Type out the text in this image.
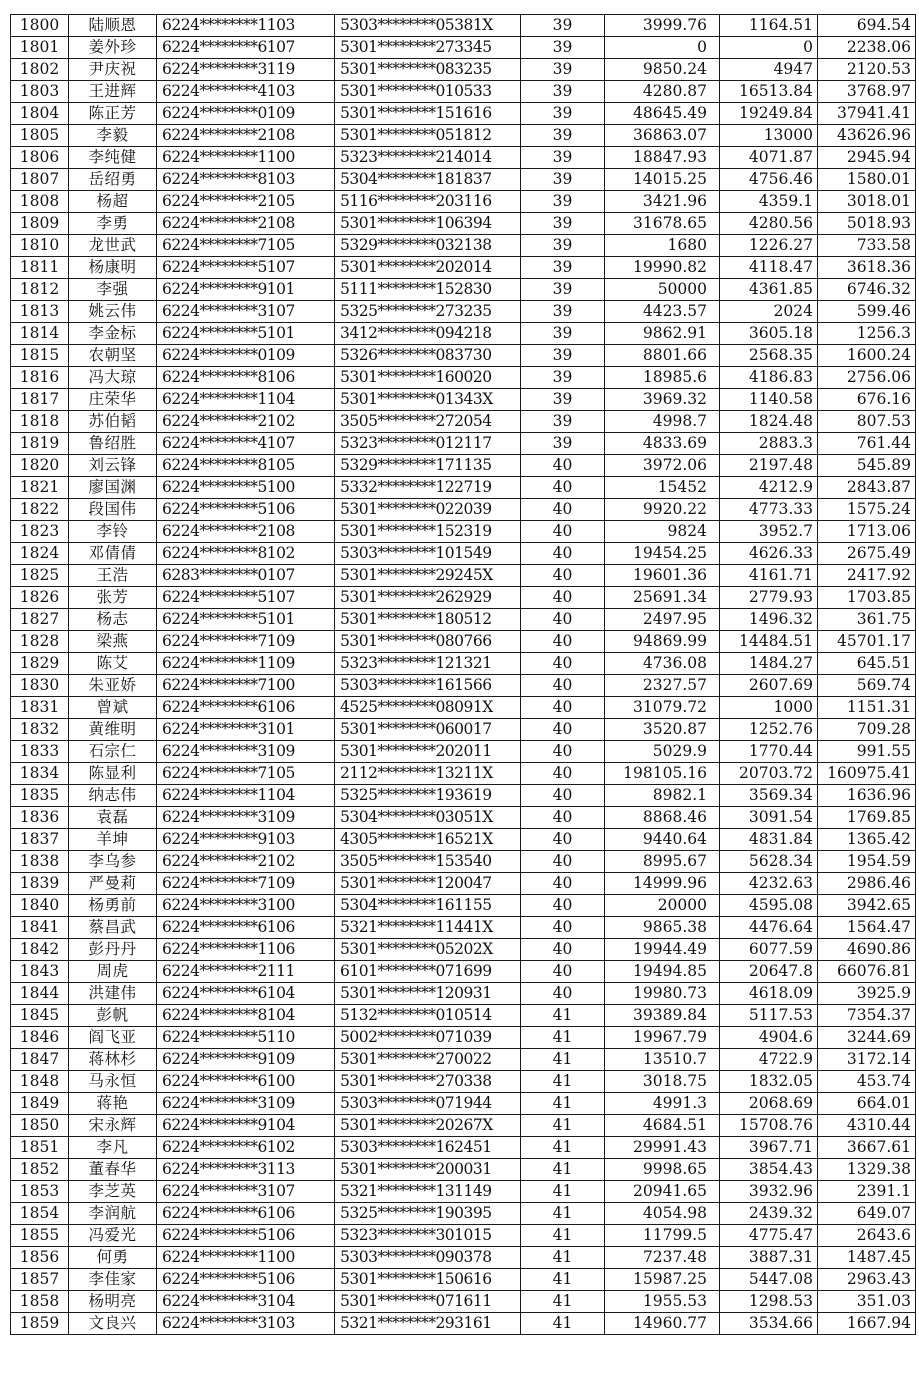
1800	陆顺恩	6224********1103	5303********05381X	39	3999.76	1164.51	694.54
1801	姜外珍	6224********6107	5301********273345	39	0	0	2238.06
1802	尹庆祝	6224********3119	5301********083235	39	9850.24	4947	2120.53
1803	王进辉	6224********4103	5301********010533	39	4280.87	16513.84	3768.97
1804	陈正芳	6224********0109	5301********151616	39	48645.49	19249.84	37941.41
1805	李毅	6224********2108	5301********051812	39	36863.07	13000	43626.96
1806	李纯健	6224********1100	5323********214014	39	18847.93	4071.87	2945.94
1807	岳绍勇	6224********8103	5304********181837	39	14015.25	4756.46	1580.01
1808	杨超	6224********2105	5116********203116	39	3421.96	4359.1	3018.01
1809	李勇	6224********2108	5301********106394	39	31678.65	4280.56	5018.93
1810	龙世武	6224********7105	5329********032138	39	1680	1226.27	733.58
1811	杨康明	6224********5107	5301********202014	39	19990.82	4118.47	3618.36
1812	李强	6224********9101	5111********152830	39	50000	4361.85	6746.32
1813	姚云伟	6224********3107	5325********273235	39	4423.57	2024	599.46
1814	李金标	6224********5101	3412********094218	39	9862.91	3605.18	1256.3
1815	农朝坚	6224********0109	5326********083730	39	8801.66	2568.35	1600.24
1816	冯大琼	6224********8106	5301********160020	39	18985.6	4186.83	2756.06
1817	庄荣华	6224********1104	5301********01343X	39	3969.32	1140.58	676.16
1818	苏伯韬	6224********2102	3505********272054	39	4998.7	1824.48	807.53
1819	鲁绍胜	6224********4107	5323********012117	39	4833.69	2883.3	761.44
1820	刘云锋	6224********8105	5329********171135	40	3972.06	2197.48	545.89
1821	廖国渊	6224********5100	5332********122719	40	15452	4212.9	2843.87
1822	段国伟	6224********5106	5301********022039	40	9920.22	4773.33	1575.24
1823	李铃	6224********2108	5301********152319	40	9824	3952.7	1713.06
1824	邓倩倩	6224********8102	5303********101549	40	19454.25	4626.33	2675.49
1825	王浩	6283********0107	5301********29245X	40	19601.36	4161.71	2417.92
1826	张芳	6224********5107	5301********262929	40	25691.34	2779.93	1703.85
1827	杨志	6224********5101	5301********180512	40	2497.95	1496.32	361.75
1828	梁燕	6224********7109	5301********080766	40	94869.99	14484.51	45701.17
1829	陈艾	6224********1109	5323********121321	40	4736.08	1484.27	645.51
1830	朱亚娇	6224********7100	5303********161566	40	2327.57	2607.69	569.74
1831	曾斌	6224********6106	4525********08091X	40	31079.72	1000	1151.31
1832	黄维明	6224********3101	5301********060017	40	3520.87	1252.76	709.28
1833	石宗仁	6224********3109	5301********202011	40	5029.9	1770.44	991.55
1834	陈显利	6224********7105	2112********13211X	40	198105.16	20703.72	160975.41
1835	纳志伟	6224********1104	5325********193619	40	8982.1	3569.34	1636.96
1836	袁磊	6224********3109	5304********03051X	40	8868.46	3091.54	1769.85
1837	羊坤	6224********9103	4305********16521X	40	9440.64	4831.84	1365.42
1838	李乌参	6224********2102	3505********153540	40	8995.67	5628.34	1954.59
1839	严曼莉	6224********7109	5301********120047	40	14999.96	4232.63	2986.46
1840	杨勇前	6224********3100	5304********161155	40	20000	4595.08	3942.65
1841	蔡昌武	6224********6106	5321********11441X	40	9865.38	4476.64	1564.47
1842	彭丹丹	6224********1106	5301********05202X	40	19944.49	6077.59	4690.86
1843	周虎	6224********2111	6101********071699	40	19494.85	20647.8	66076.81
1844	洪建伟	6224********6104	5301********120931	40	19980.73	4618.09	3925.9
1845	彭帆	6224********8104	5132********010514	41	39389.84	5117.53	7354.37
1846	阎飞亚	6224********5110	5002********071039	41	19967.79	4904.6	3244.69
1847	蒋林杉	6224********9109	5301********270022	41	13510.7	4722.9	3172.14
1848	马永恒	6224********6100	5301********270338	41	3018.75	1832.05	453.74
1849	蒋艳	6224********3109	5303********071944	41	4991.3	2068.69	664.01
1850	宋永辉	6224********9104	5301********20267X	41	4684.51	15708.76	4310.44
1851	李凡	6224********6102	5303********162451	41	29991.43	3967.71	3667.61
1852	董春华	6224********3113	5301********200031	41	9998.65	3854.43	1329.38
1853	李芝英	6224********3107	5321********131149	41	20941.65	3932.96	2391.1
1854	李润航	6224********6106	5325********190395	41	4054.98	2439.32	649.07
1855	冯爱光	6224********5106	5323********301015	41	11799.5	4775.47	2643.6
1856	何勇	6224********1100	5303********090378	41	7237.48	3887.31	1487.45
1857	李佳家	6224********5106	5301********150616	41	15987.25	5447.08	2963.43
1858	杨明亮	6224********3104	5301********071611	41	1955.53	1298.53	351.03
1859	文良兴	6224********3103	5321********293161	41	14960.77	3534.66	1667.94
